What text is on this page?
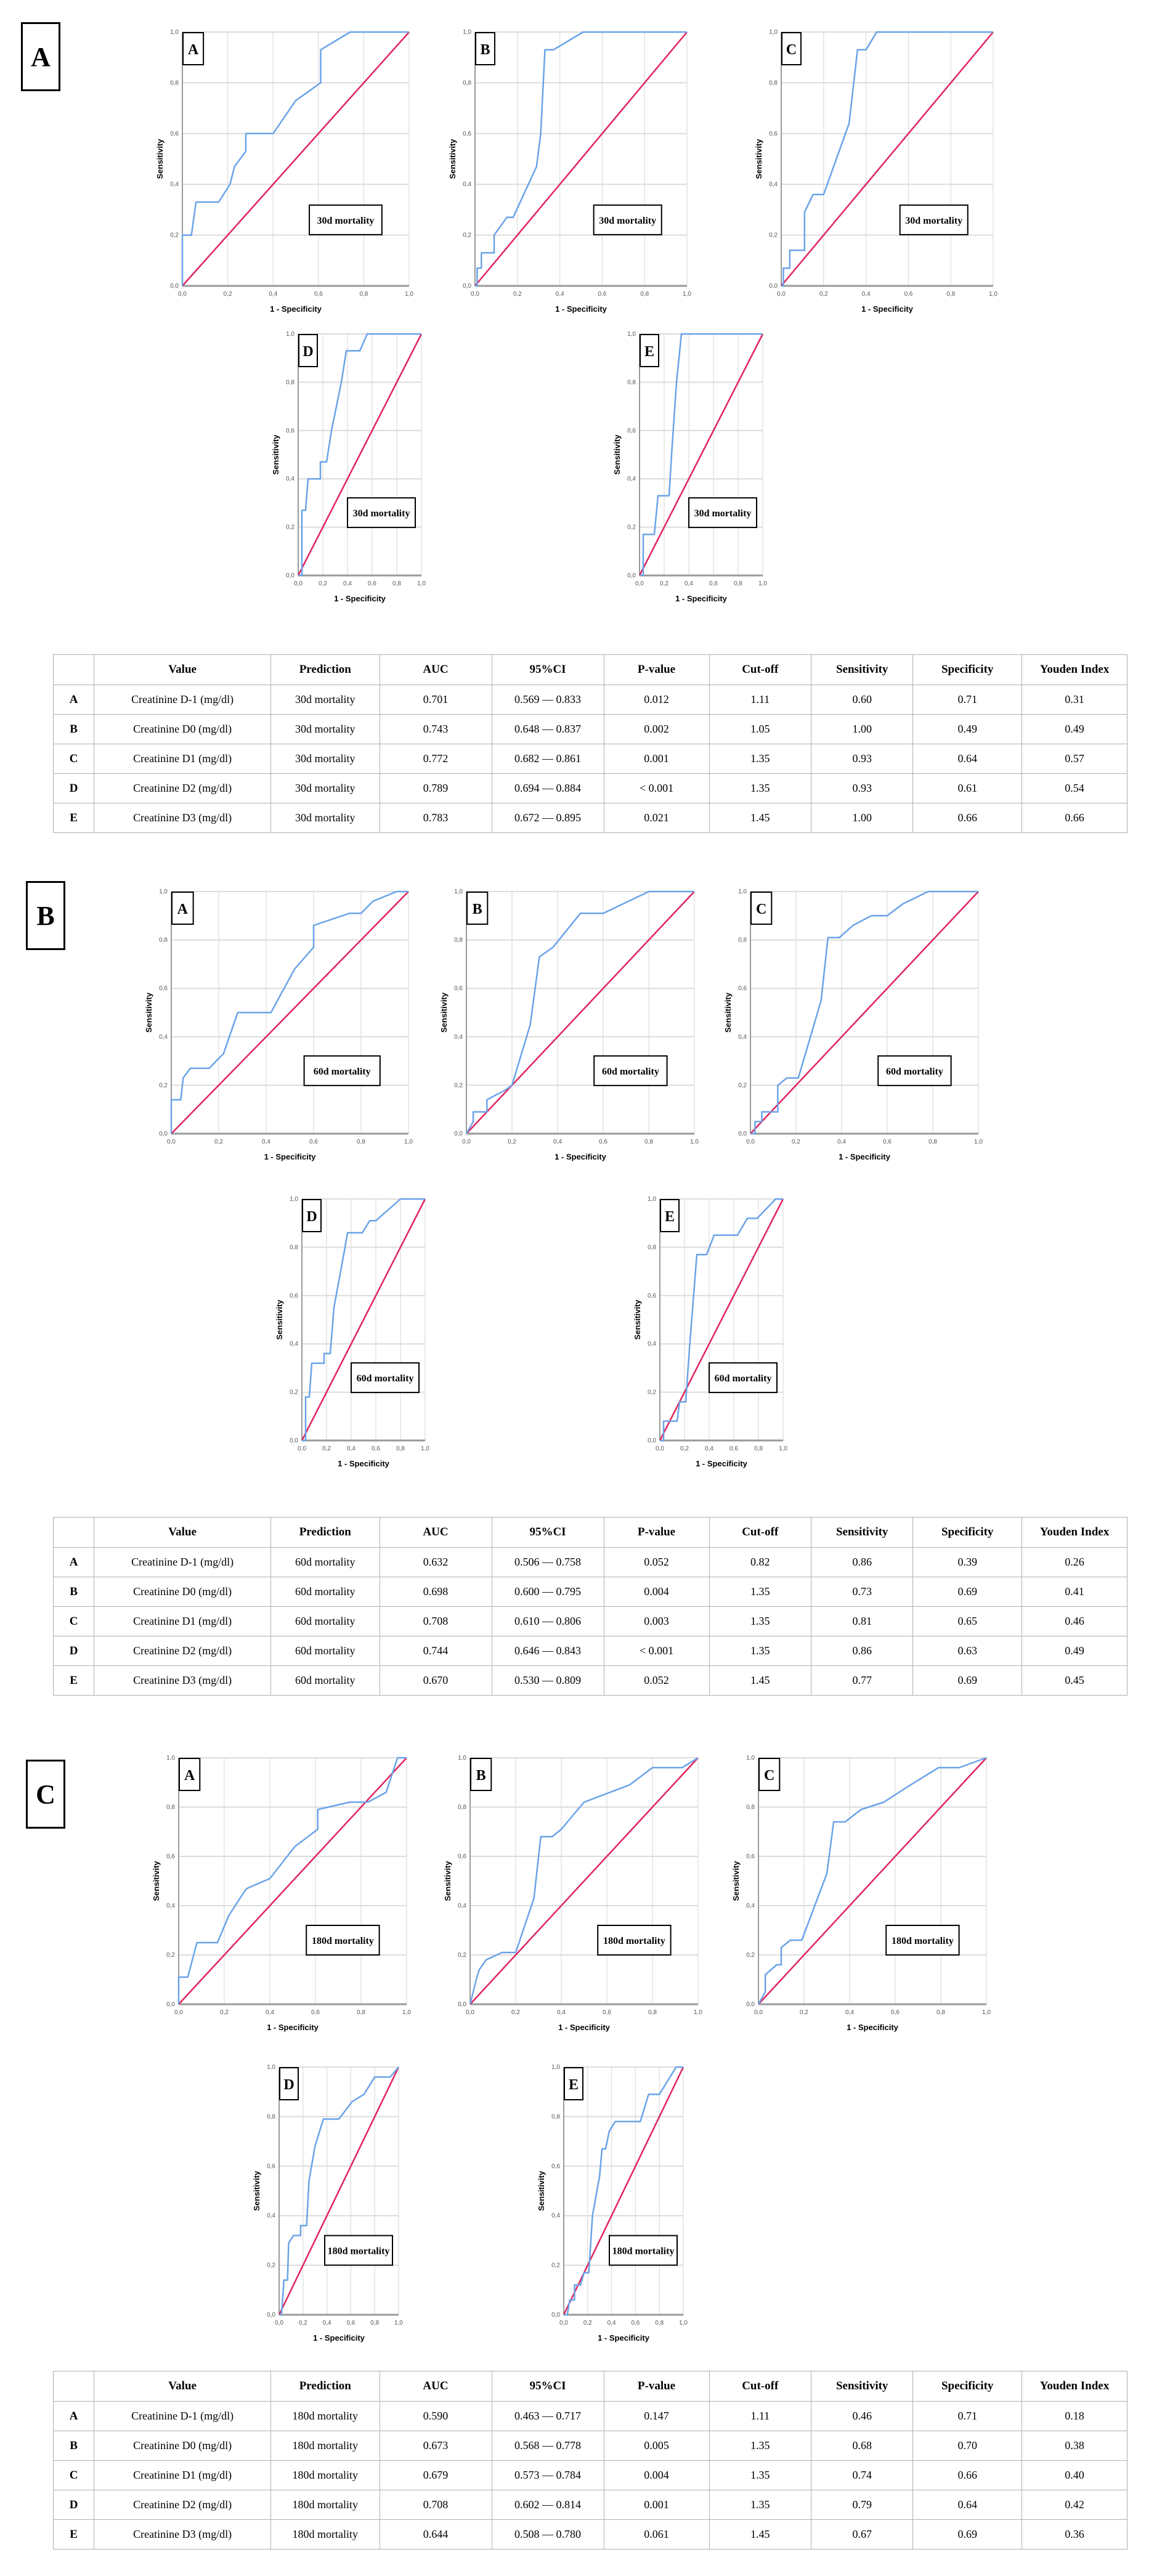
A
B
C
0,0
0,0
0,2
0,2
0,4
0,4
0,6
0,6
0,8
0,8
1,0
1,0
1 - Specificity
Sensitivity
A
30d mortality
0,0
0,0
0,2
0,2
0,4
0,4
0,6
0,6
0,8
0,8
1,0
1,0
1 - Specificity
Sensitivity
B
30d mortality
0,0
0,0
0,2
0,2
0,4
0,4
0,6
0,6
0,8
0,8
1,0
1,0
1 - Specificity
Sensitivity
C
30d mortality
0,0
0,0
0,2
0,2
0,4
0,4
0,6
0,6
0,8
0,8
1,0
1,0
1 - Specificity
Sensitivity
D
30d mortality
0,0
0,0
0,2
0,2
0,4
0,4
0,6
0,6
0,8
0,8
1,0
1,0
1 - Specificity
Sensitivity
E
30d mortality
0,0
0,0
0,2
0,2
0,4
0,4
0,6
0,6
0,8
0,8
1,0
1,0
1 - Specificity
Sensitivity
A
60d mortality
0,0
0,0
0,2
0,2
0,4
0,4
0,6
0,6
0,8
0,8
1,0
1,0
1 - Specificity
Sensitivity
B
60d mortality
0,0
0,0
0,2
0,2
0,4
0,4
0,6
0,6
0,8
0,8
1,0
1,0
1 - Specificity
Sensitivity
C
60d mortality
0,0
0,0
0,2
0,2
0,4
0,4
0,6
0,6
0,8
0,8
1,0
1,0
1 - Specificity
Sensitivity
D
60d mortality
0,0
0,0
0,2
0,2
0,4
0,4
0,6
0,6
0,8
0,8
1,0
1,0
1 - Specificity
Sensitivity
E
60d mortality
0,0
0,0
0,2
0,2
0,4
0,4
0,6
0,6
0,8
0,8
1,0
1,0
1 - Specificity
Sensitivity
A
180d mortality
0,0
0,0
0,2
0,2
0,4
0,4
0,6
0,6
0,8
0,8
1,0
1,0
1 - Specificity
Sensitivity
B
180d mortality
0,0
0,0
0,2
0,2
0,4
0,4
0,6
0,6
0,8
0,8
1,0
1,0
1 - Specificity
Sensitivity
C
180d mortality
0,0
0,0
0,2
0,2
0,4
0,4
0,6
0,6
0,8
0,8
1,0
1,0
1 - Specificity
Sensitivity
D
180d mortality
0,0
0,0
0,2
0,2
0,4
0,4
0,6
0,6
0,8
0,8
1,0
1,0
1 - Specificity
Sensitivity
E
180d mortality
	Value	Prediction	AUC	95%CI	P-value	Cut-off	Sensitivity	Specificity	Youden Index
A	Creatinine D-1 (mg/dl)	30d mortality	0.701	0.569 — 0.833	0.012	1.11	0.60	0.71	0.31
B	Creatinine D0 (mg/dl)	30d mortality	0.743	0.648 — 0.837	0.002	1.05	1.00	0.49	0.49
C	Creatinine D1 (mg/dl)	30d mortality	0.772	0.682 — 0.861	0.001	1.35	0.93	0.64	0.57
D	Creatinine D2 (mg/dl)	30d mortality	0.789	0.694 — 0.884	< 0.001	1.35	0.93	0.61	0.54
E	Creatinine D3 (mg/dl)	30d mortality	0.783	0.672 — 0.895	0.021	1.45	1.00	0.66	0.66
	Value	Prediction	AUC	95%CI	P-value	Cut-off	Sensitivity	Specificity	Youden Index
A	Creatinine D-1 (mg/dl)	60d mortality	0.632	0.506 — 0.758	0.052	0.82	0.86	0.39	0.26
B	Creatinine D0 (mg/dl)	60d mortality	0.698	0.600 — 0.795	0.004	1.35	0.73	0.69	0.41
C	Creatinine D1 (mg/dl)	60d mortality	0.708	0.610 — 0.806	0.003	1.35	0.81	0.65	0.46
D	Creatinine D2 (mg/dl)	60d mortality	0.744	0.646 — 0.843	< 0.001	1.35	0.86	0.63	0.49
E	Creatinine D3 (mg/dl)	60d mortality	0.670	0.530 — 0.809	0.052	1.45	0.77	0.69	0.45
	Value	Prediction	AUC	95%CI	P-value	Cut-off	Sensitivity	Specificity	Youden Index
A	Creatinine D-1 (mg/dl)	180d mortality	0.590	0.463 — 0.717	0.147	1.11	0.46	0.71	0.18
B	Creatinine D0 (mg/dl)	180d mortality	0.673	0.568 — 0.778	0.005	1.35	0.68	0.70	0.38
C	Creatinine D1 (mg/dl)	180d mortality	0.679	0.573 — 0.784	0.004	1.35	0.74	0.66	0.40
D	Creatinine D2 (mg/dl)	180d mortality	0.708	0.602 — 0.814	0.001	1.35	0.79	0.64	0.42
E	Creatinine D3 (mg/dl)	180d mortality	0.644	0.508 — 0.780	0.061	1.45	0.67	0.69	0.36
